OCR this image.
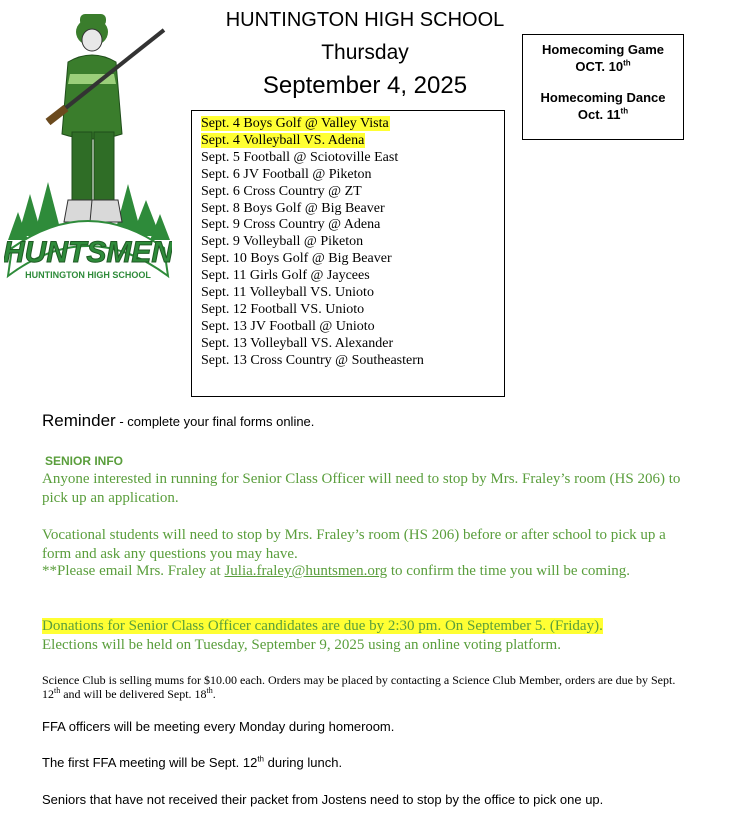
HUNTSMEN
HUNTINGTON HIGH SCHOOL
HUNTINGTON HIGH SCHOOL
Thursday
September 4, 2025
Homecoming Game
OCT. 10th
Homecoming Dance
Oct. 11th
Sept. 4 Boys Golf @ Valley Vista
Sept. 4 Volleyball VS. Adena
Sept. 5 Football @ Sciotoville East
Sept. 6 JV Football @ Piketon
Sept. 6 Cross Country @ ZT
Sept. 8 Boys Golf @ Big Beaver
Sept. 9 Cross Country @ Adena
Sept. 9 Volleyball @ Piketon
Sept. 10 Boys Golf @ Big Beaver
Sept. 11 Girls Golf @ Jaycees
Sept. 11 Volleyball VS. Unioto
Sept. 12 Football VS. Unioto
Sept. 13 JV Football @ Unioto
Sept. 13 Volleyball VS. Alexander
Sept. 13 Cross Country @ Southeastern
Reminder - complete your final forms online.
SENIOR INFO
Anyone interested in running for Senior Class Officer will need to stop by Mrs. Fraley’s room (HS 206) to pick up an application.
Vocational students will need to stop by Mrs. Fraley’s room (HS 206) before or after school to pick up a form and ask any questions you may have.
**Please email Mrs. Fraley at Julia.fraley@huntsmen.org to confirm the time you will be coming.
Donations for Senior Class Officer candidates are due by 2:30 pm. On September 5. (Friday).
Elections will be held on Tuesday, September 9, 2025 using an online voting platform.
Science Club is selling mums for $10.00 each. Orders may be placed by contacting a Science Club Member, orders are due by Sept. 12th and will be delivered Sept. 18th.
FFA officers will be meeting every Monday during homeroom.
The first FFA meeting will be Sept. 12th during lunch.
Seniors that have not received their packet from Jostens need to stop by the office to pick one up.
